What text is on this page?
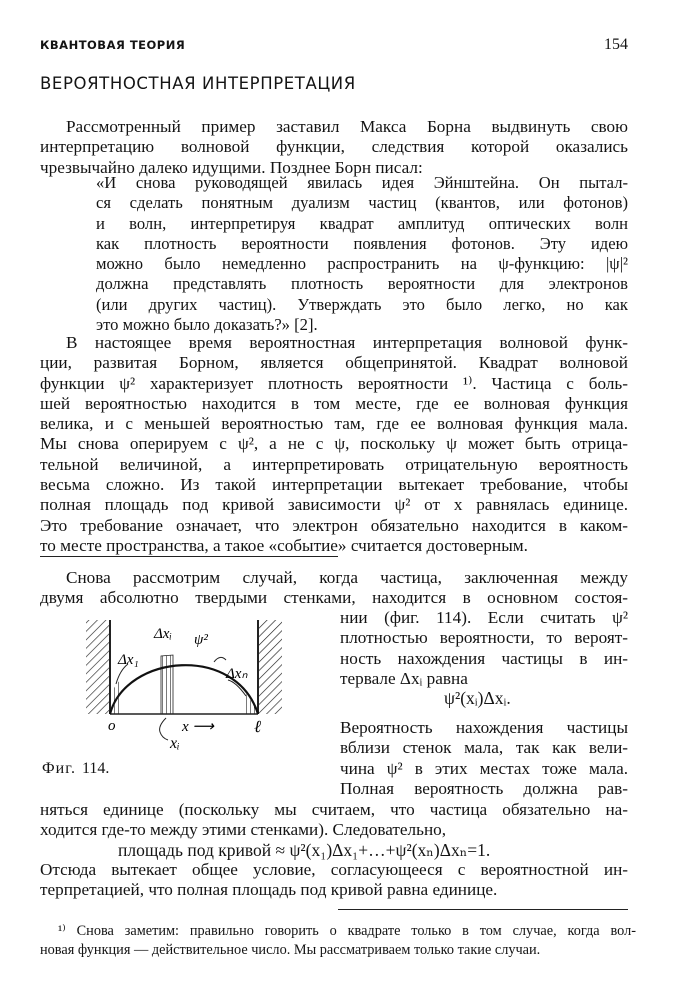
КВАНТОВАЯ ТЕОРИЯ	154
ВЕРОЯТНОСТНАЯ ИНТЕРПРЕТАЦИЯ
Рассмотренный пример заставил Макса Борна выдвинуть свою
интерпретацию волновой функции, следствия которой оказались
чрезвычайно далеко идущими. Позднее Борн писал:
«И снова руководящей явилась идея Эйнштейна. Он пытал-
ся сделать понятным дуализм частиц (квантов, или фотонов)
и волн, интерпретируя квадрат амплитуд оптических волн
как плотность вероятности появления фотонов. Эту идею
можно было немедленно распространить на ψ-функцию: |ψ|²
должна представлять плотность вероятности для электронов
(или других частиц). Утверждать это было легко, но как
это можно было доказать?» [2].
В настоящее время вероятностная интерпретация волновой функ-
ции, развитая Борном, является общепринятой. Квадрат волновой
функции ψ² характеризует плотность вероятности ¹⁾. Частица с боль-
шей вероятностью находится в том месте, где ее волновая функция
велика, и с меньшей вероятностью там, где ее волновая функция мала.
Мы снова оперируем с ψ², а не с ψ, поскольку ψ может быть отрица-
тельной величиной, а интерпретировать отрицательную вероятность
весьма сложно. Из такой интерпретации вытекает требование, чтобы
полная площадь под кривой зависимости ψ² от x равнялась единице.
Это требование означает, что электрон обязательно находится в каком-
то месте пространства, а такое «событие» считается достоверным.
Снова рассмотрим случай, когда частица, заключенная между
двумя абсолютно твердыми стенками, находится в основном состоя-
Δxᵢ ψ²
Δx₁
Δxₙ
o	x ⟶ ℓ
xᵢ
Фиг. 114.
нии (фиг. 114). Если считать ψ²
плотностью вероятности, то вероят-
ность нахождения частицы в ин-
тервале Δxᵢ равна
ψ²(xᵢ)Δxᵢ.
Вероятность нахождения частицы
вблизи стенок мала, так как вели-
чина ψ² в этих местах тоже мала.
Полная вероятность должна рав-
няться единице (поскольку мы считаем, что частица обязательно на-
ходится где-то между этими стенками). Следовательно,
площадь под кривой ≈ ψ²(x₁)Δx₁+…+ψ²(xₙ)Δxₙ=1.
Отсюда вытекает общее условие, согласующееся с вероятностной ин-
терпретацией, что полная площадь под кривой равна единице.
¹⁾ Снова заметим: правильно говорить о квадрате только в том случае, когда вол-
новая функция — действительное число. Мы рассматриваем только такие случаи.
